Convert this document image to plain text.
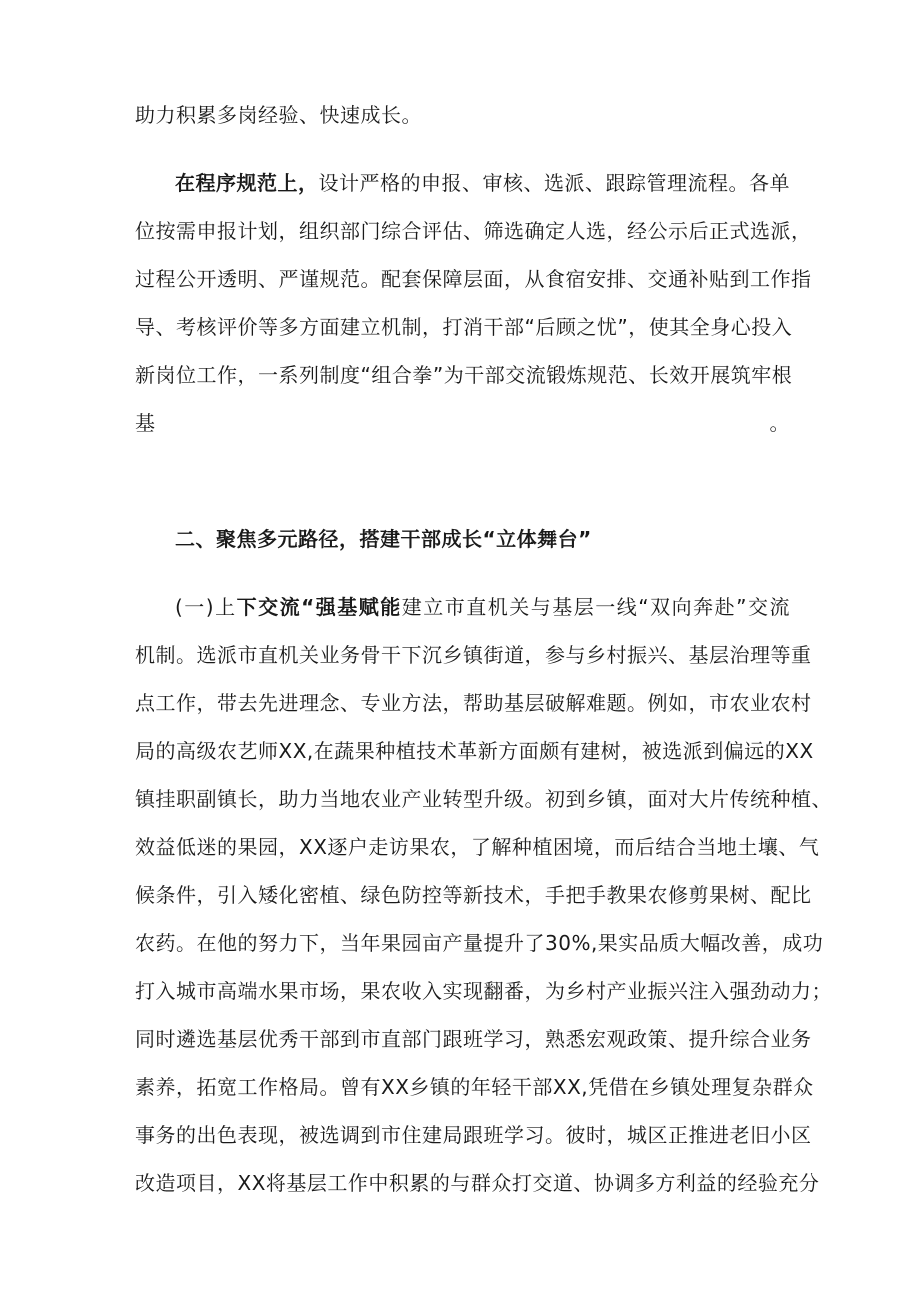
助力积累多岗经验、快速成长。
在程序规范上，设计严格的申报、审核、选派、跟踪管理流程。各单
位按需申报计划，组织部门综合评估、筛选确定人选，经公示后正式选派，
过程公开透明、严谨规范。配套保障层面，从食宿安排、交通补贴到工作指
导、考核评价等多方面建立机制，打消干部“后顾之忧”，使其全身心投入
新岗位工作，一系列制度“组合拳”为干部交流锻炼规范、长效开展筑牢根
基。
二、聚焦多元路径，搭建干部成长“立体舞台”
(一)上下交流“强基赋能建立市直机关与基层一线“双向奔赴”交流
机制。选派市直机关业务骨干下沉乡镇街道，参与乡村振兴、基层治理等重
点工作，带去先进理念、专业方法，帮助基层破解难题。例如，市农业农村
局的高级农艺师XX,在蔬果种植技术革新方面颇有建树，被选派到偏远的XX
镇挂职副镇长，助力当地农业产业转型升级。初到乡镇，面对大片传统种植、
效益低迷的果园，XX逐户走访果农，了解种植困境，而后结合当地土壤、气
候条件，引入矮化密植、绿色防控等新技术，手把手教果农修剪果树、配比
农药。在他的努力下，当年果园亩产量提升了30%,果实品质大幅改善，成功
打入城市高端水果市场，果农收入实现翻番，为乡村产业振兴注入强劲动力；
同时遴选基层优秀干部到市直部门跟班学习，熟悉宏观政策、提升综合业务
素养，拓宽工作格局。曾有XX乡镇的年轻干部XX,凭借在乡镇处理复杂群众
事务的出色表现，被选调到市住建局跟班学习。彼时，城区正推进老旧小区
改造项目，XX将基层工作中积累的与群众打交道、协调多方利益的经验充分
